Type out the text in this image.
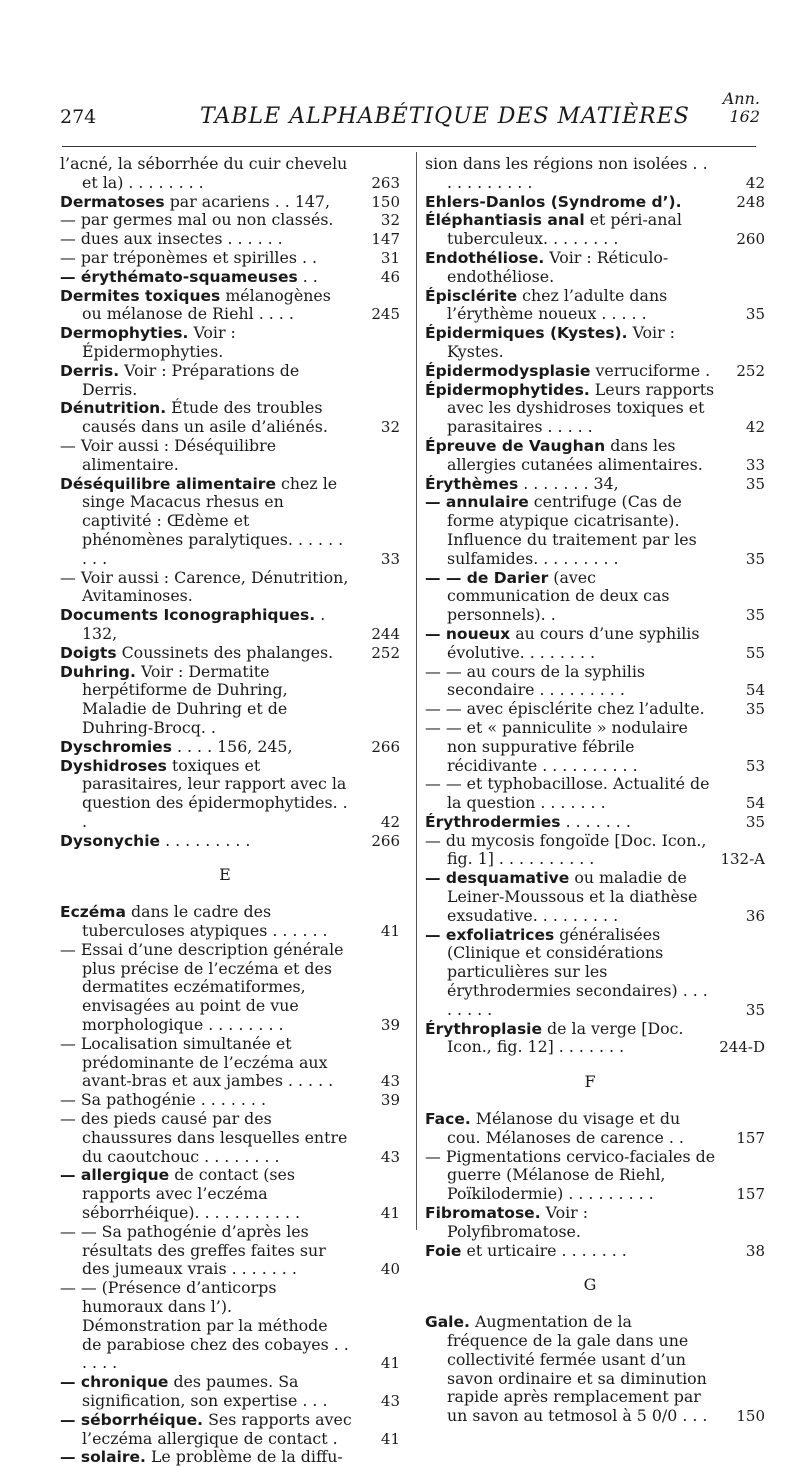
274	TABLE ALPHABÉTIQUE DES MATIÈRES
Ann.
162
l’acné, la séborrhée du cuir chevelu et la) . . . . . . . .	263
Dermatoses par acariens . . 147,	150
— par germes mal ou non classés.	32
— dues aux insectes . . . . . .	147
— par tréponèmes et spirilles . .	31
— érythémato-squameuses . .	46
Dermites toxiques mélanogènes ou mélanose de Riehl . . . .	245
Dermophyties. Voir : Épidermophyties.
Derris. Voir : Préparations de Derris.
Dénutrition. Étude des troubles causés dans un asile d’aliénés.	32
— Voir aussi : Déséquilibre alimentaire.
Déséquilibre alimentaire chez le singe Macacus rhesus en captivité : Œdème et phénomènes paralytiques. . . . . . . . .	33
— Voir aussi : Carence, Dénutrition, Avitaminoses.
Documents Iconographiques. . 132,	244
Doigts Coussinets des phalanges.	252
Duhring. Voir : Dermatite herpétiforme de Duhring, Maladie de Duhring et de Duhring-Brocq. .
Dyschromies . . . . 156, 245,	266
Dyshidroses toxiques et parasitaires, leur rapport avec la question des épidermophytides. . .	42
Dysonychie . . . . . . . . .	266
E
Eczéma dans le cadre des tuberculoses atypiques . . . . . .	41
— Essai d’une description générale plus précise de l’eczéma et des dermatites eczématiformes, envisagées au point de vue morphologique . . . . . . . .	39
— Localisation simultanée et prédominante de l’eczéma aux avant-bras et aux jambes . . . . .	43
— Sa pathogénie . . . . . . .	39
— des pieds causé par des chaussures dans lesquelles entre du caoutchouc . . . . . . . .	43
— allergique de contact (ses rapports avec l’eczéma séborrhéique). . . . . . . . . . .	41
— — Sa pathogénie d’après les résultats des greffes faites sur des jumeaux vrais . . . . . . .	40
— — (Présence d’anticorps humoraux dans l’). Démonstration par la méthode de parabiose chez des cobayes . . . . . .	41
— chronique des paumes. Sa signification, son expertise . . .	43
— séborrhéique. Ses rapports avec l’eczéma allergique de contact .	41
— solaire. Le problème de la diffu-
sion dans les régions non isolées . . . . . . . . . . .	42
Ehlers-Danlos (Syndrome d’).	248
Éléphantiasis anal et péri-anal tuberculeux. . . . . . . .	260
Endothéliose. Voir : Réticulo-endothéliose.
Épisclérite chez l’adulte dans l’érythème noueux . . . . .	35
Épidermiques (Kystes). Voir : Kystes.
Épidermodysplasie verruciforme . 252
Épidermophytides. Leurs rapports avec les dyshidroses toxiques et parasitaires . . . . .	42
Épreuve de Vaughan dans les allergies cutanées alimentaires.	33
Érythèmes . . . . . . . 34,	35
— annulaire centrifuge (Cas de forme atypique cicatrisante). Influence du traitement par les sulfamides. . . . . . . . .	35
— — de Darier (avec communication de deux cas personnels). .	35
— noueux au cours d’une syphilis évolutive. . . . . . . .	55
— — au cours de la syphilis secondaire . . . . . . . . .	54
— — avec épisclérite chez l’adulte.	35
— — et « panniculite » nodulaire non suppurative fébrile récidivante . . . . . . . . . .	53
— — et typhobacillose. Actualité de la question . . . . . . .	54
Érythrodermies . . . . . . .	35
— du mycosis fongoïde [Doc. Icon., fig. 1] . . . . . . . . . .	132-A
— desquamative ou maladie de Leiner-Moussous et la diathèse exsudative. . . . . . . . .	36
— exfoliatrices généralisées (Clinique et considérations particulières sur les érythrodermies secondaires) . . . . . . . .	35
Érythroplasie de la verge [Doc. Icon., fig. 12] . . . . . . .	244-D
F
Face. Mélanose du visage et du cou. Mélanoses de carence . .	157
— Pigmentations cervico-faciales de guerre (Mélanose de Riehl, Poïkilodermie) . . . . . . . . .	157
Fibromatose. Voir : Polyfibromatose.
Foie et urticaire . . . . . . .	38
G
Gale. Augmentation de la fréquence de la gale dans une collectivité fermée usant d’un savon ordinaire et sa diminution rapide après remplacement par un savon au tetmosol à 5 0/0 . . . 150
